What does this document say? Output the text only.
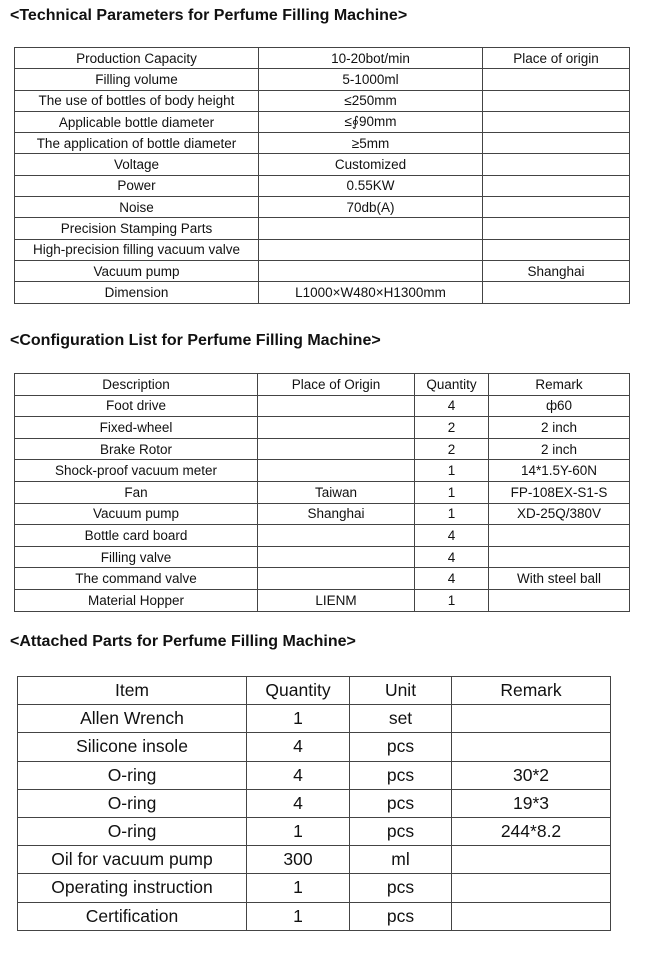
<Technical Parameters for Perfume Filling Machine>
Production Capacity	10-20bot/min	Place of origin
Filling volume	5-1000ml	
The use of bottles of body height	≤250mm	
Applicable bottle diameter	≤∮90mm	
The application of bottle diameter	≥5mm	
Voltage	Customized	
Power	0.55KW	
Noise	70db(A)	
Precision Stamping Parts		
High-precision filling vacuum valve		
Vacuum pump		Shanghai
Dimension	L1000×W480×H1300mm	
<Configuration List for Perfume Filling Machine>
Description	Place of Origin	Quantity	Remark
Foot drive		4	ф60
Fixed-wheel		2	2 inch
Brake Rotor		2	2 inch
Shock-proof vacuum meter		1	14*1.5Y-60N
Fan	Taiwan	1	FP-108EX-S1-S
Vacuum pump	Shanghai	1	XD-25Q/380V
Bottle card board		4	
Filling valve		4	
The command valve		4	With steel ball
Material Hopper	LIENM	1	
<Attached Parts for Perfume Filling Machine>
Item	Quantity	Unit	Remark
Allen Wrench	1	set	
Silicone insole	4	pcs	
O-ring	4	pcs	30*2
O-ring	4	pcs	19*3
O-ring	1	pcs	244*8.2
Oil for vacuum pump	300	ml	
Operating instruction	1	pcs	
Certification	1	pcs	
